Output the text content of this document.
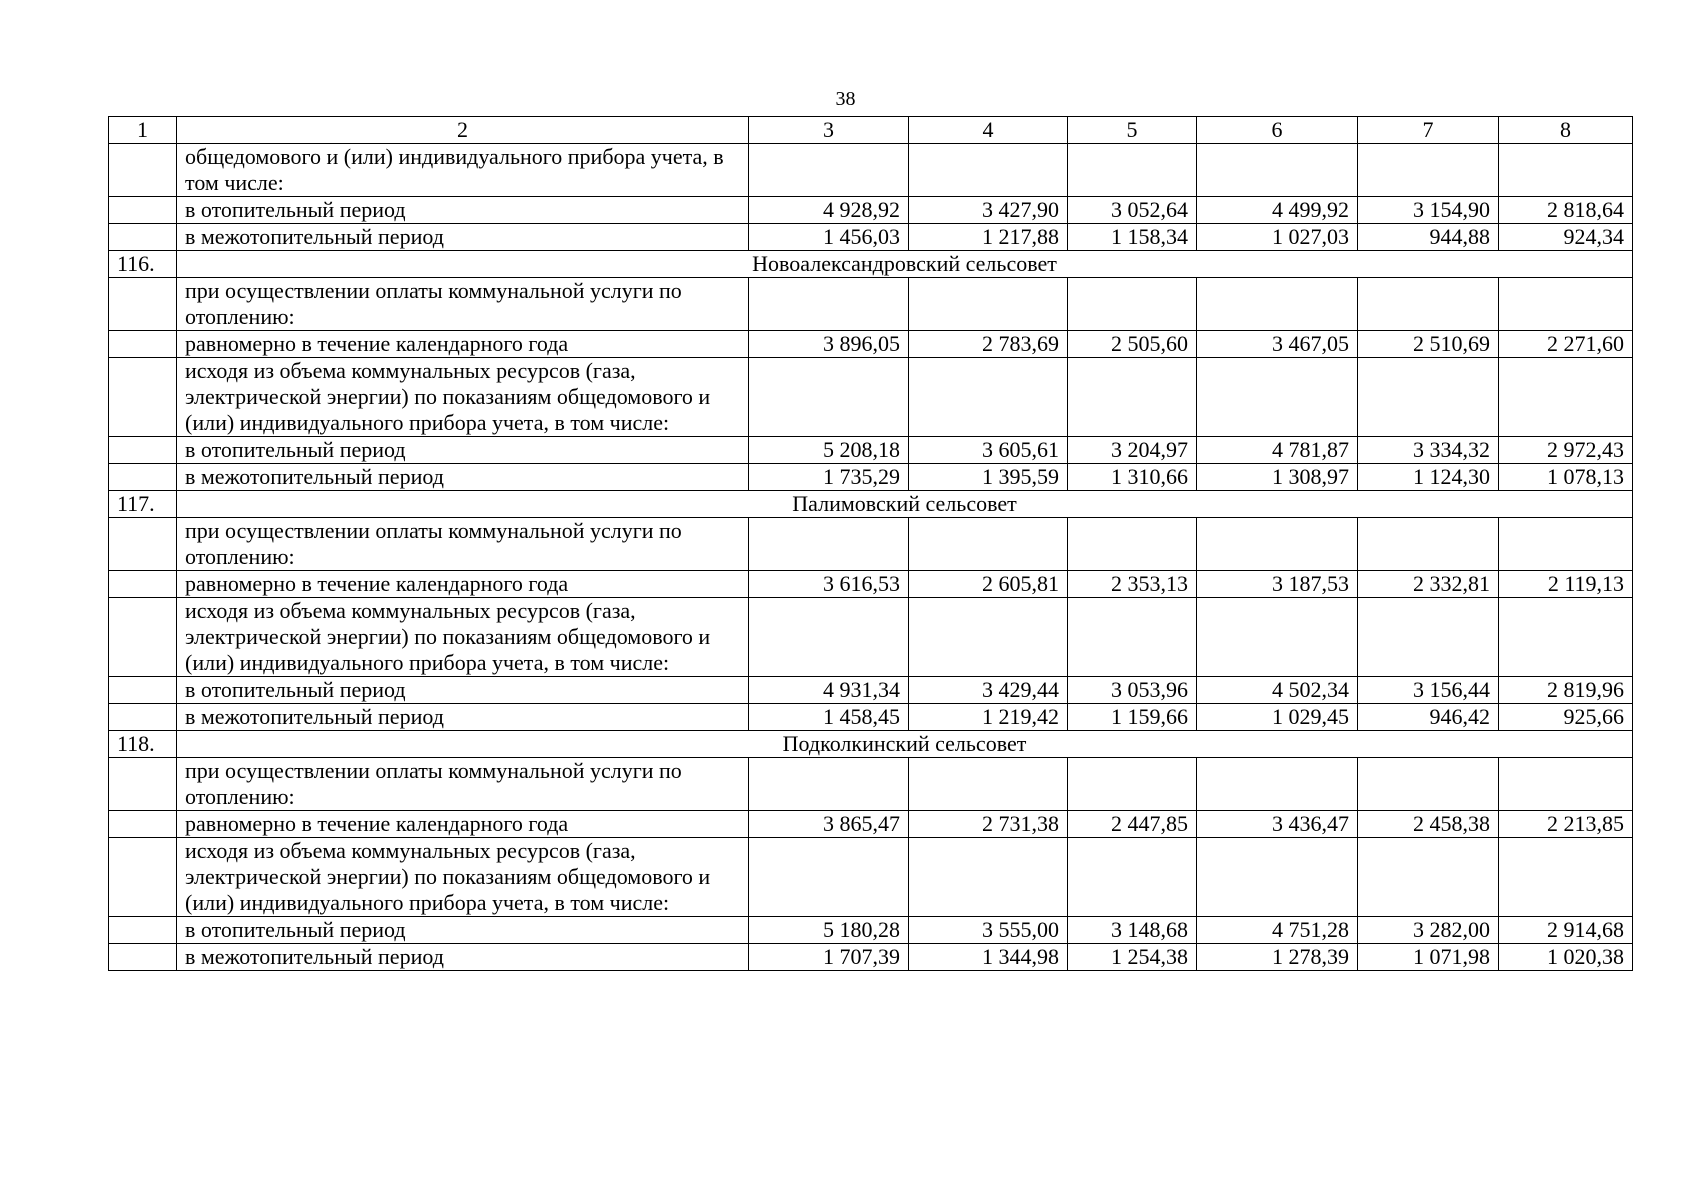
38
1	2	3	4	5	6	7	8
	общедомового и (или) индивидуального прибора учета, в том числе:						
	в отопительный период	4 928,92	3 427,90	3 052,64	4 499,92	3 154,90	2 818,64
	в межотопительный период	1 456,03	1 217,88	1 158,34	1 027,03	944,88	924,34
116.	Новоалександровский сельсовет						
	при осуществлении оплаты коммунальной услуги по отоплению:						
	равномерно в течение календарного года	3 896,05	2 783,69	2 505,60	3 467,05	2 510,69	2 271,60
	исходя из объема коммунальных ресурсов (газа, электрической энергии) по показаниям общедомового и (или) индивидуального прибора учета, в том числе:						
	в отопительный период	5 208,18	3 605,61	3 204,97	4 781,87	3 334,32	2 972,43
	в межотопительный период	1 735,29	1 395,59	1 310,66	1 308,97	1 124,30	1 078,13
117.	Палимовский сельсовет						
	при осуществлении оплаты коммунальной услуги по отоплению:						
	равномерно в течение календарного года	3 616,53	2 605,81	2 353,13	3 187,53	2 332,81	2 119,13
	исходя из объема коммунальных ресурсов (газа, электрической энергии) по показаниям общедомового и (или) индивидуального прибора учета, в том числе:						
	в отопительный период	4 931,34	3 429,44	3 053,96	4 502,34	3 156,44	2 819,96
	в межотопительный период	1 458,45	1 219,42	1 159,66	1 029,45	946,42	925,66
118.	Подколкинский сельсовет						
	при осуществлении оплаты коммунальной услуги по отоплению:						
	равномерно в течение календарного года	3 865,47	2 731,38	2 447,85	3 436,47	2 458,38	2 213,85
	исходя из объема коммунальных ресурсов (газа, электрической энергии) по показаниям общедомового и (или) индивидуального прибора учета, в том числе:						
	в отопительный период	5 180,28	3 555,00	3 148,68	4 751,28	3 282,00	2 914,68
	в межотопительный период	1 707,39	1 344,98	1 254,38	1 278,39	1 071,98	1 020,38
